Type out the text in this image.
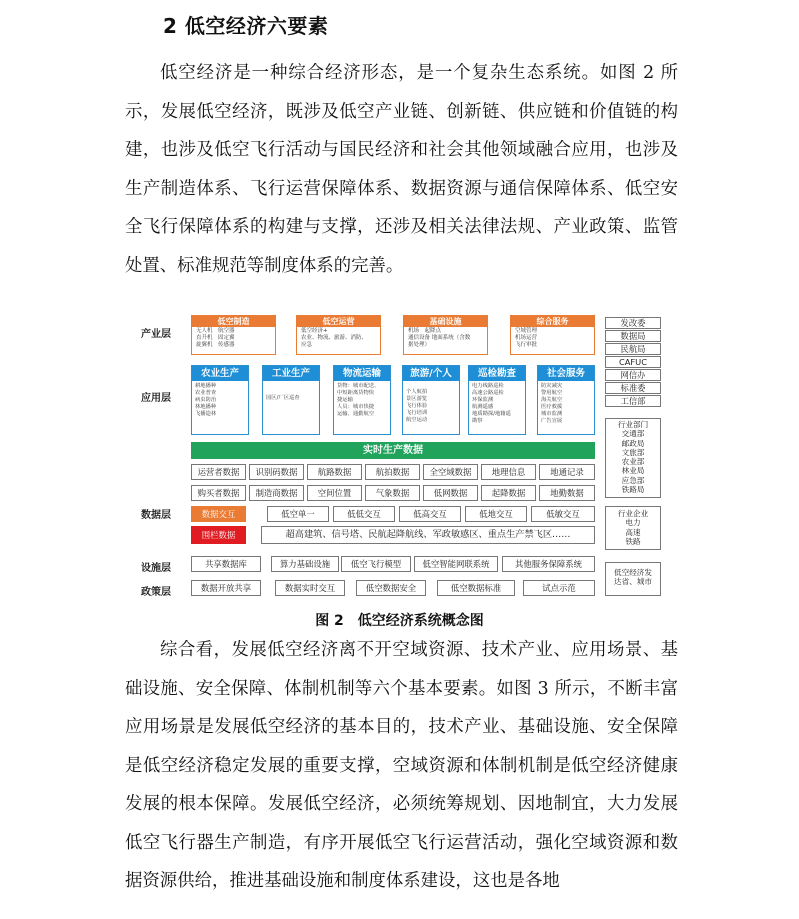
2 低空经济六要素

低空经济是一种综合经济形态，是一个复杂生态系统。如图 2 所示，发展低空经济，既涉及低空产业链、创新链、供应链和价值链的构建，也涉及低空飞行活动与国民经济和社会其他领域融合应用，也涉及生产制造体系、飞行运营保障体系、数据资源与通信保障体系、低空安全飞行保障体系的构建与支撑，还涉及相关法律法规、产业政策、监管处置、标准规范等制度体系的完善。

产业层
应用层
数据层
设施层
政策层
低空制造
无人机　航空器
直升机　固定翼
旋翼机　传感器
低空运营
低空经济+
农业、物流、旅游、消防、
应急
基础设施
机场　起降点
通信设备 地面系统（含数
据处理）
综合服务
空域管理
机场运营
飞行审批
农业生产
耕地播种
农业普查
病虫防治
林地播种
飞播造林
工业生产
园区/厂区巡查
物流运输
货物：城市配送、
中短距离货物快
捷运输
人员：城市快捷
运输、通勤航空
旅游/个人
个人航拍
景区游览
飞行体验
飞行培训
航空运动
巡检勘查
电力线路巡检
高速公路巡检
环保监测
航测遥感
地质勘探/地籍遥
勘察
社会服务
防灾减灾
警用航空
海关航空
医疗救援
城市监测
广告宣展
实时生产数据
运营者数据	识别码数据	航路数据	航拍数据	全空域数据	地理信息	地通记录
购买者数据	制造商数据	空间位置	气象数据	低网数据	起降数据	地勤数据
数据交互	低空单一	低低交互	低高交互	低地交互	低敏交互
围栏数据	超高建筑、信号塔、民航起降航线、军政敏感区、重点生产禁飞区……
共享数据库	算力基础设施	低空飞行模型	低空智能网联系统	其他服务保障系统
数据开放共享	数据实时交互	低空数据安全	低空数据标准	试点示范
发改委
数据局
民航局
CAFUC
网信办
标准委
工信部
行业部门
交通部
邮政局
文旅部
农业部
林业局
应急部
铁路局
行业企业
电力
高速
铁路
低空经济发
达省、城市
图 2　低空经济系统概念图

综合看，发展低空经济离不开空域资源、技术产业、应用场景、基础设施、安全保障、体制机制等六个基本要素。如图 3 所示，不断丰富应用场景是发展低空经济的基本目的，技术产业、基础设施、安全保障是低空经济稳定发展的重要支撑，空域资源和体制机制是低空经济健康发展的根本保障。发展低空经济，必须统筹规划、因地制宜，大力发展低空飞行器生产制造，有序开展低空飞行运营活动，强化空域资源和数据资源供给，推进基础设施和制度体系建设，这也是各地
